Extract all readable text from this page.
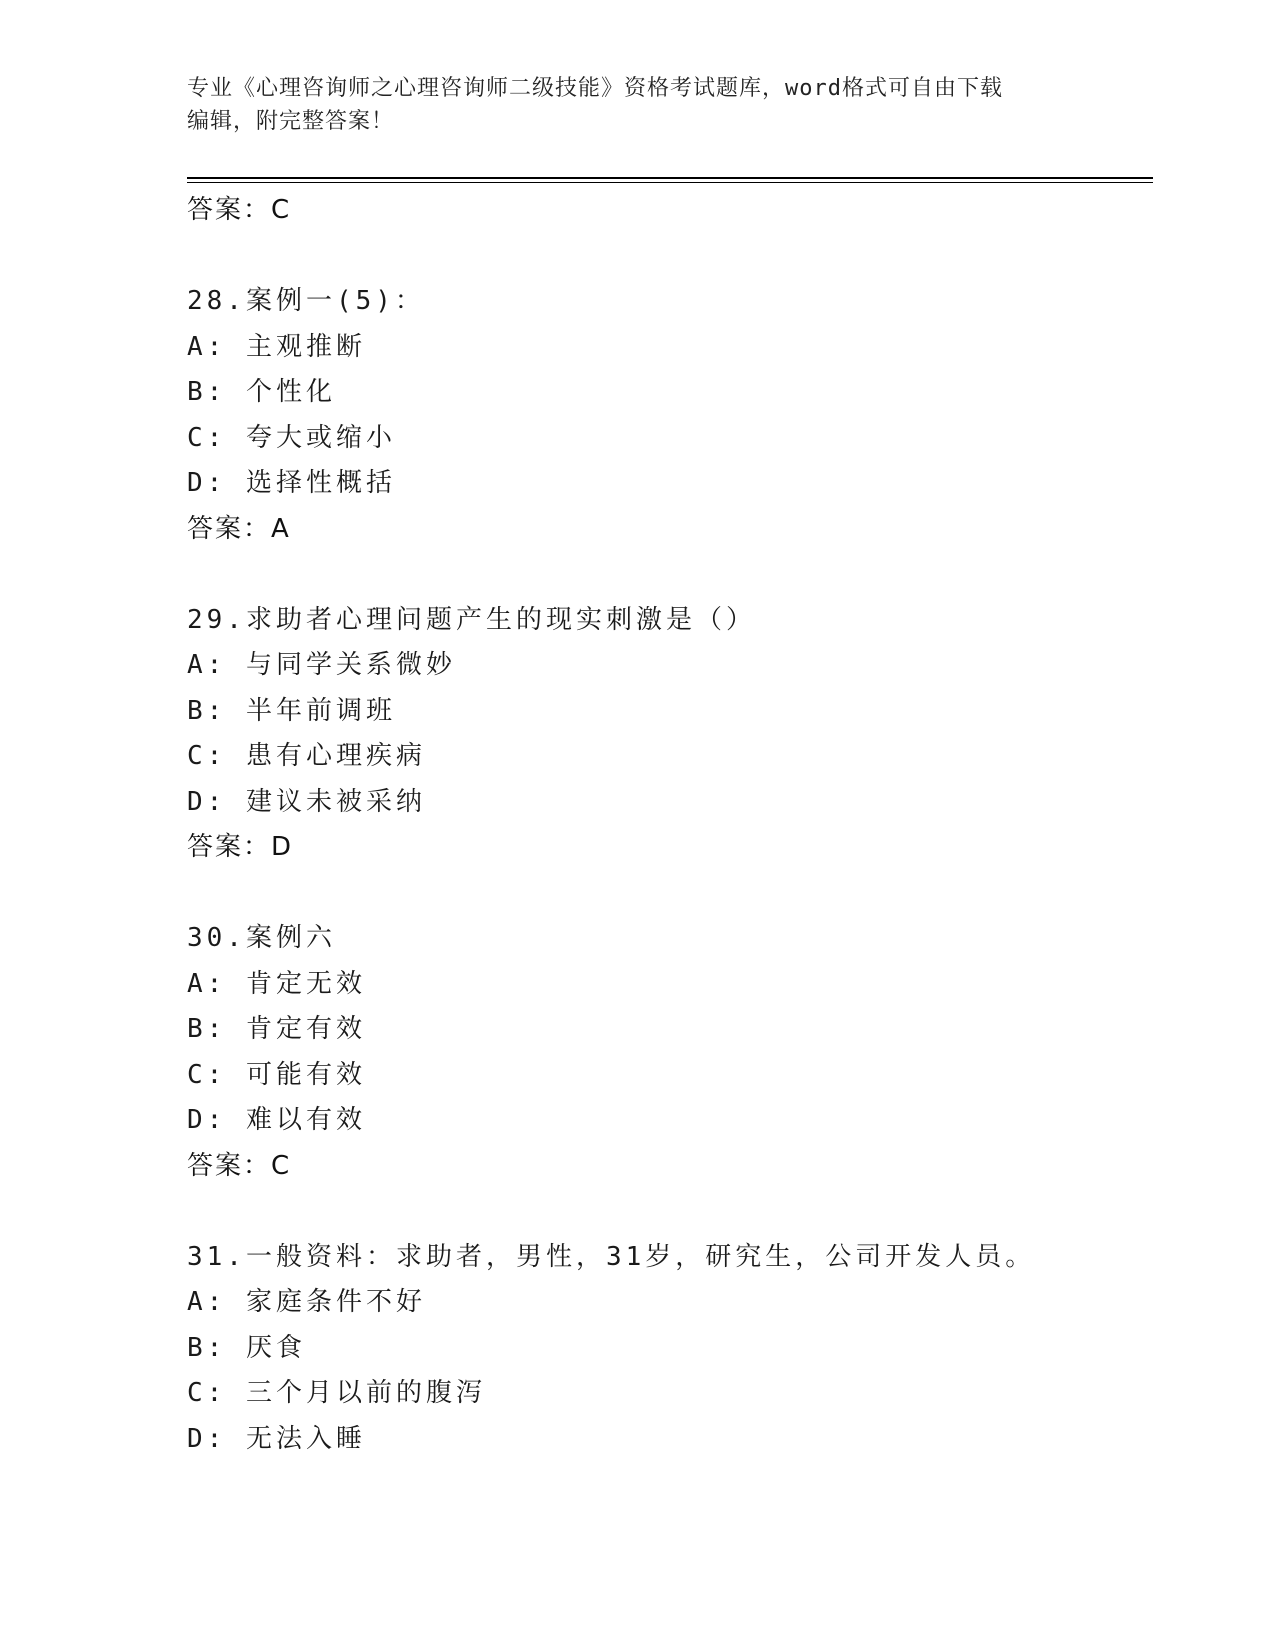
专业《心理咨询师之心理咨询师二级技能》资格考试题库，word格式可自由下载
编辑，附完整答案！
答案：C
28.案例一(5)：
A: 主观推断
B: 个性化
C: 夸大或缩小
D: 选择性概括
答案：A
29.求助者心理问题产生的现实刺激是（）
A: 与同学关系微妙
B: 半年前调班
C: 患有心理疾病
D: 建议未被采纳
答案：D
30.案例六
A: 肯定无效
B: 肯定有效
C: 可能有效
D: 难以有效
答案：C
31.一般资料：求助者，男性，31岁，研究生，公司开发人员。
A: 家庭条件不好
B: 厌食
C: 三个月以前的腹泻
D: 无法入睡
